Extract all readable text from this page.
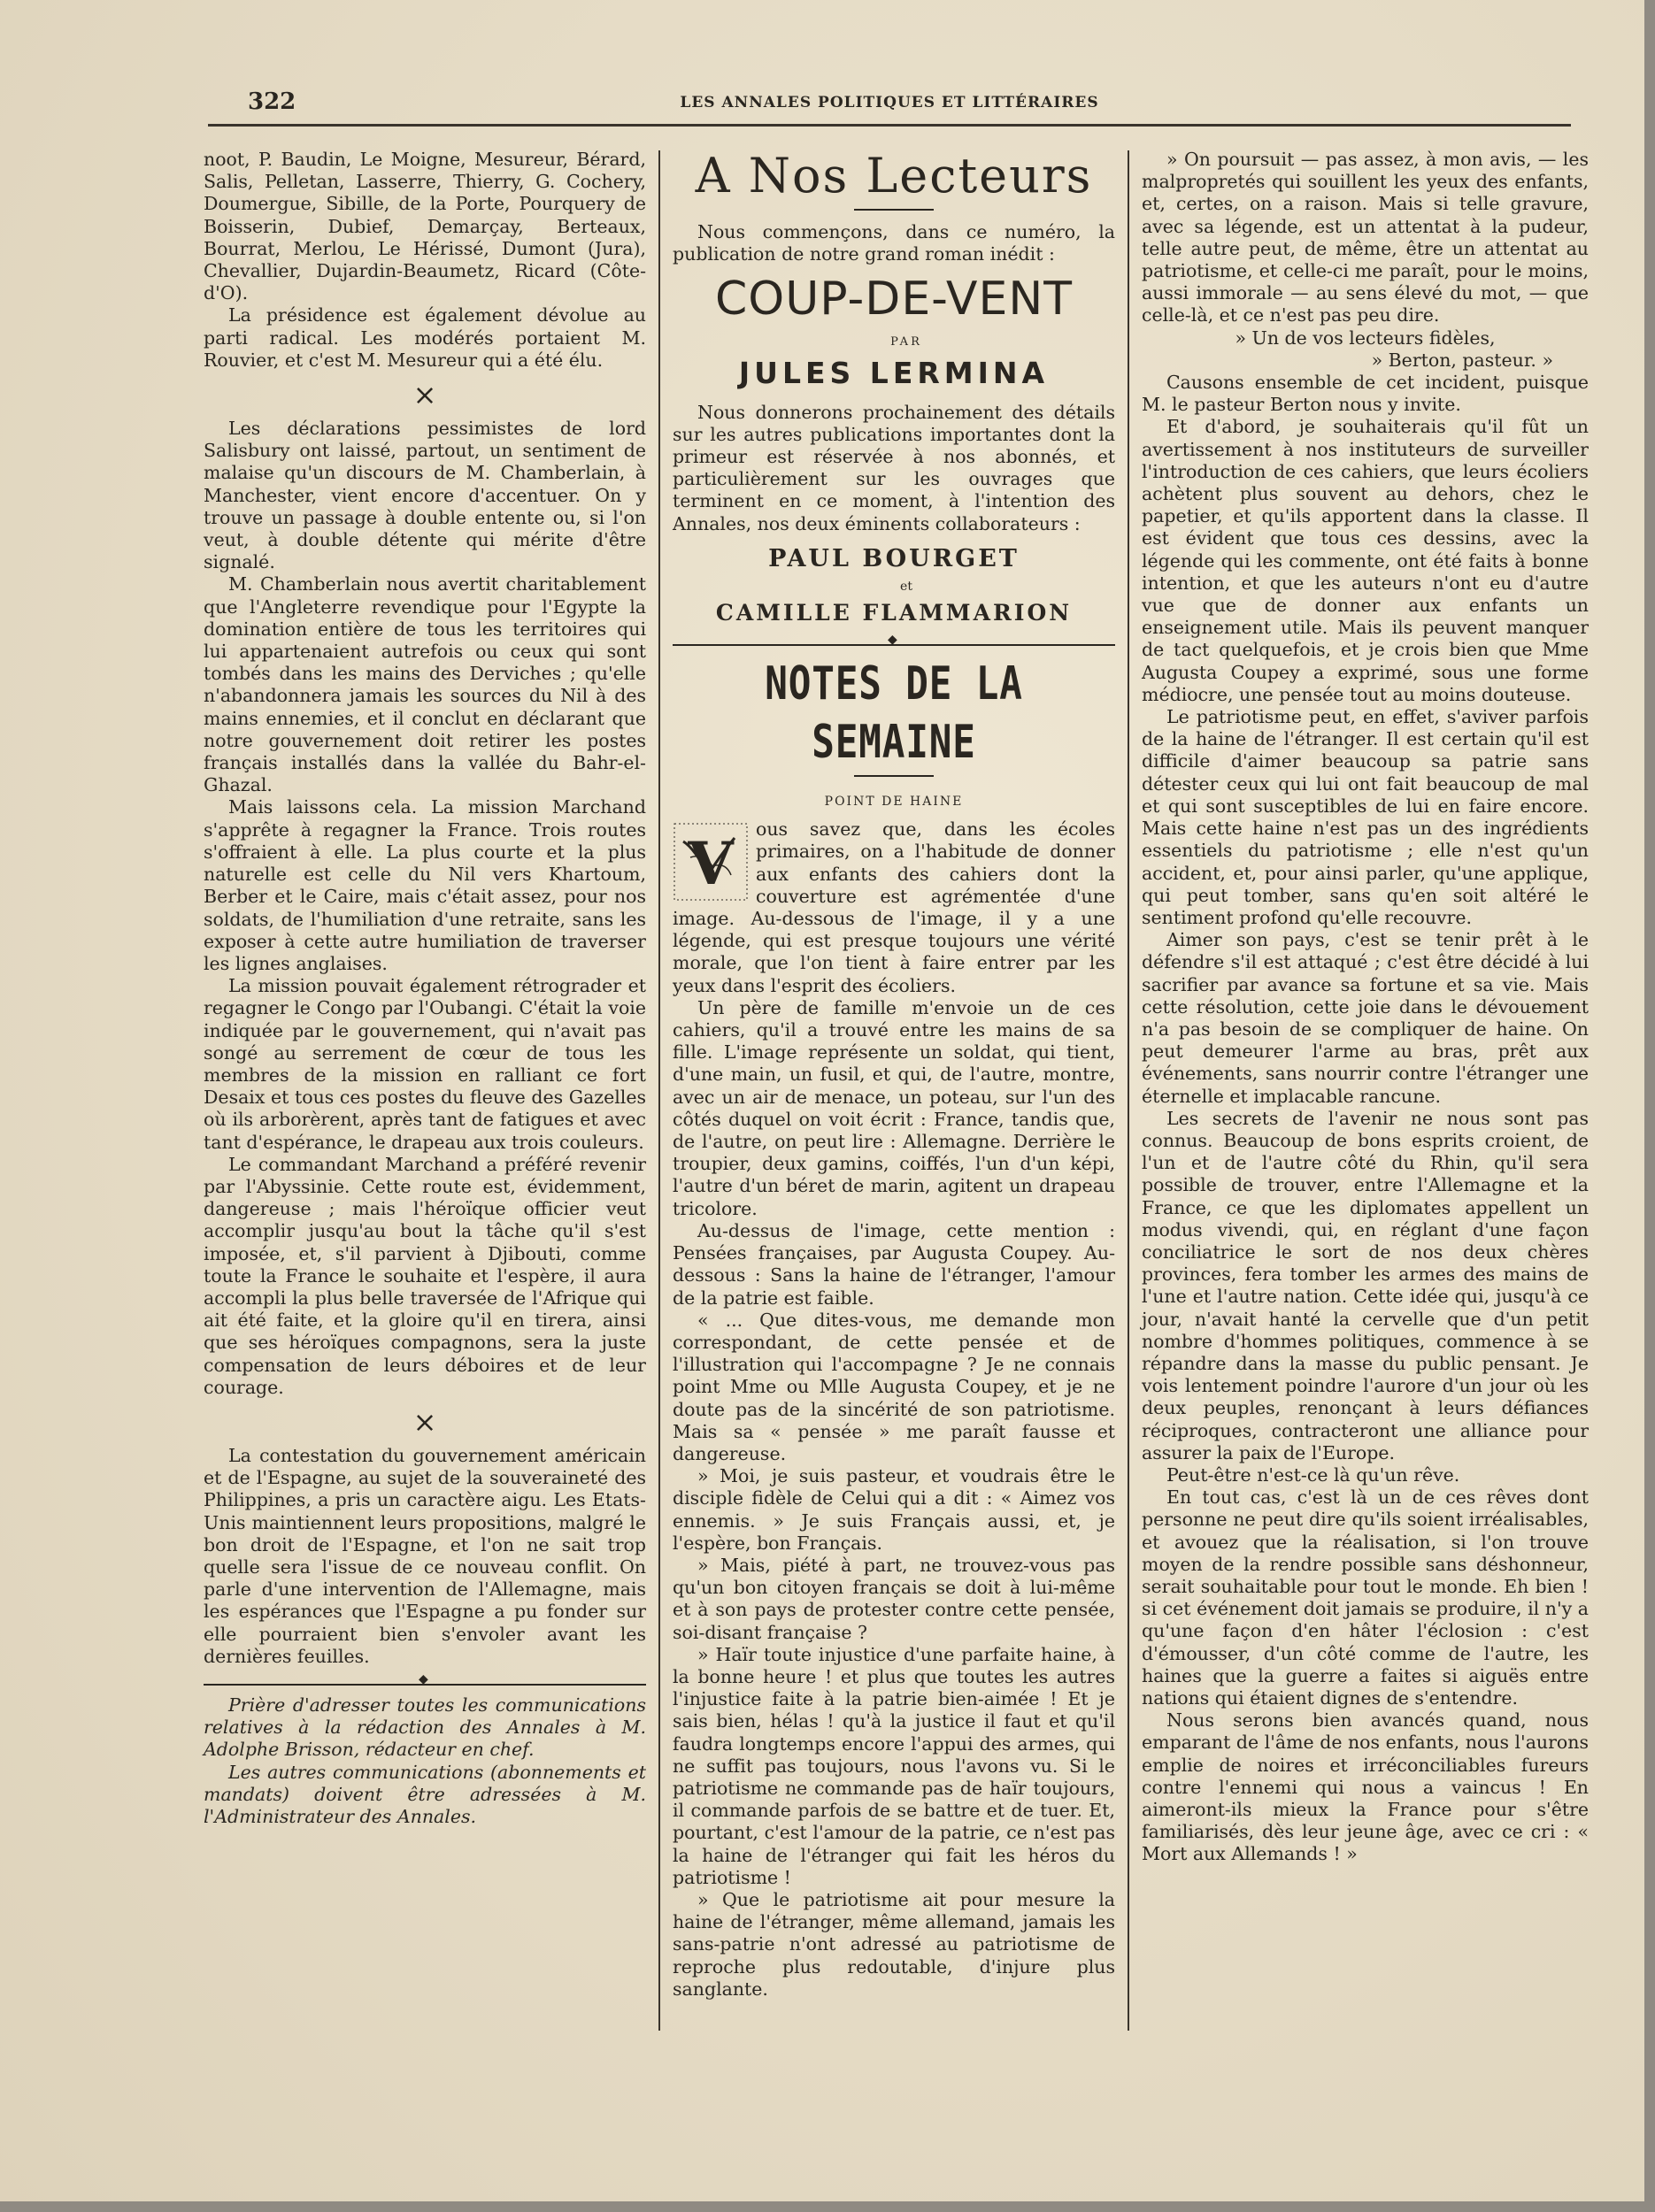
322	LES ANNALES POLITIQUES ET LITTÉRAIRES

noot, P. Baudin, Le Moigne, Mesureur, Bérard, Salis, Pelletan, Lasserre, Thierry, G. Cochery, Doumergue, Sibille, de la Porte, Pourquery de Boisserin, Dubief, Demarçay, Berteaux, Bourrat, Merlou, Le Hérissé, Dumont (Jura), Chevallier, Dujardin-Beaumetz, Ricard (Côte-d'O).

La présidence est également dévolue au parti radical. Les modérés portaient M. Rouvier, et c'est M. Mesureur qui a été élu.

×

Les déclarations pessimistes de lord Salisbury ont laissé, partout, un sentiment de malaise qu'un discours de M. Chamberlain, à Manchester, vient encore d'accentuer. On y trouve un passage à double entente ou, si l'on veut, à double détente qui mérite d'être signalé.

M. Chamberlain nous avertit charitablement que l'Angleterre revendique pour l'Egypte la domination entière de tous les territoires qui lui appartenaient autrefois ou ceux qui sont tombés dans les mains des Derviches ; qu'elle n'abandonnera jamais les sources du Nil à des mains ennemies, et il conclut en déclarant que notre gouvernement doit retirer les postes français installés dans la vallée du Bahr-el-Ghazal.

Mais laissons cela. La mission Marchand s'apprête à regagner la France. Trois routes s'offraient à elle. La plus courte et la plus naturelle est celle du Nil vers Khartoum, Berber et le Caire, mais c'était assez, pour nos soldats, de l'humiliation d'une retraite, sans les exposer à cette autre humiliation de traverser les lignes anglaises.

La mission pouvait également rétrograder et regagner le Congo par l'Oubangi. C'était la voie indiquée par le gouvernement, qui n'avait pas songé au serrement de cœur de tous les membres de la mission en ralliant ce fort Desaix et tous ces postes du fleuve des Gazelles où ils arborèrent, après tant de fatigues et avec tant d'espérance, le drapeau aux trois couleurs.

Le commandant Marchand a préféré revenir par l'Abyssinie. Cette route est, évidemment, dangereuse ; mais l'héroïque officier veut accomplir jusqu'au bout la tâche qu'il s'est imposée, et, s'il parvient à Djibouti, comme toute la France le souhaite et l'espère, il aura accompli la plus belle traversée de l'Afrique qui ait été faite, et la gloire qu'il en tirera, ainsi que ses héroïques compagnons, sera la juste compensation de leurs déboires et de leur courage.

×

La contestation du gouvernement américain et de l'Espagne, au sujet de la souveraineté des Philippines, a pris un caractère aigu. Les Etats-Unis maintiennent leurs propositions, malgré le bon droit de l'Espagne, et l'on ne sait trop quelle sera l'issue de ce nouveau conflit. On parle d'une intervention de l'Allemagne, mais les espérances que l'Espagne a pu fonder sur elle pourraient bien s'envoler avant les dernières feuilles.

◆

Prière d'adresser toutes les communications relatives à la rédaction des Annales à M. Adolphe Brisson, rédacteur en chef.

Les autres communications (abonnements et mandats) doivent être adressées à M. l'Administrateur des Annales.

A Nos Lecteurs

Nous commençons, dans ce numéro, la publication de notre grand roman inédit :

COUP-DE-VENT

PAR

JULES LERMINA

Nous donnerons prochainement des détails sur les autres publications importantes dont la primeur est réservée à nos abonnés, et particulièrement sur les ouvrages que terminent en ce moment, à l'intention des Annales, nos deux éminents collaborateurs :

PAUL BOURGET

et

CAMILLE FLAMMARION
◆
NOTES DE LA SEMAINE
POINT DE HAINE
V	ous savez que, dans les écoles primaires, on a l'habitude de donner aux enfants des cahiers dont la couverture est agrémentée d'une image. Au-dessous de l'image, il y a une légende, qui est presque toujours une vérité morale, que l'on tient à faire entrer par les yeux dans l'esprit des écoliers.

Un père de famille m'envoie un de ces cahiers, qu'il a trouvé entre les mains de sa fille. L'image représente un soldat, qui tient, d'une main, un fusil, et qui, de l'autre, montre, avec un air de menace, un poteau, sur l'un des côtés duquel on voit écrit : France, tandis que, de l'autre, on peut lire : Allemagne. Derrière le troupier, deux gamins, coiffés, l'un d'un képi, l'autre d'un béret de marin, agitent un drapeau tricolore.

Au-dessus de l'image, cette mention : Pensées françaises, par Augusta Coupey. Au-dessous : Sans la haine de l'étranger, l'amour de la patrie est faible.

« ... Que dites-vous, me demande mon correspondant, de cette pensée et de l'illustration qui l'accompagne ? Je ne connais point Mme ou Mlle Augusta Coupey, et je ne doute pas de la sincérité de son patriotisme. Mais sa « pensée » me paraît fausse et dangereuse.

» Moi, je suis pasteur, et voudrais être le disciple fidèle de Celui qui a dit : « Aimez vos ennemis. » Je suis Français aussi, et, je l'espère, bon Français.

» Mais, piété à part, ne trouvez-vous pas qu'un bon citoyen français se doit à lui-même et à son pays de protester contre cette pensée, soi-disant française ?

» Haïr toute injustice d'une parfaite haine, à la bonne heure ! et plus que toutes les autres l'injustice faite à la patrie bien-aimée ! Et je sais bien, hélas ! qu'à la justice il faut et qu'il faudra longtemps encore l'appui des armes, qui ne suffit pas toujours, nous l'avons vu. Si le patriotisme ne commande pas de haïr toujours, il commande parfois de se battre et de tuer. Et, pourtant, c'est l'amour de la patrie, ce n'est pas la haine de l'étranger qui fait les héros du patriotisme !

» Que le patriotisme ait pour mesure la haine de l'étranger, même allemand, jamais les sans-patrie n'ont adressé au patriotisme de reproche plus redoutable, d'injure plus sanglante.

» On poursuit — pas assez, à mon avis, — les malpropretés qui souillent les yeux des enfants, et, certes, on a raison. Mais si telle gravure, avec sa légende, est un attentat à la pudeur, telle autre peut, de même, être un attentat au patriotisme, et celle-ci me paraît, pour le moins, aussi immorale — au sens élevé du mot, — que celle-là, et ce n'est pas peu dire.

» Un de vos lecteurs fidèles,

» Berton, pasteur. »

Causons ensemble de cet incident, puisque M. le pasteur Berton nous y invite.

Et d'abord, je souhaiterais qu'il fût un avertissement à nos instituteurs de surveiller l'introduction de ces cahiers, que leurs écoliers achètent plus souvent au dehors, chez le papetier, et qu'ils apportent dans la classe. Il est évident que tous ces dessins, avec la légende qui les commente, ont été faits à bonne intention, et que les auteurs n'ont eu d'autre vue que de donner aux enfants un enseignement utile. Mais ils peuvent manquer de tact quelquefois, et je crois bien que Mme Augusta Coupey a exprimé, sous une forme médiocre, une pensée tout au moins douteuse.

Le patriotisme peut, en effet, s'aviver parfois de la haine de l'étranger. Il est certain qu'il est difficile d'aimer beaucoup sa patrie sans détester ceux qui lui ont fait beaucoup de mal et qui sont susceptibles de lui en faire encore. Mais cette haine n'est pas un des ingrédients essentiels du patriotisme ; elle n'est qu'un accident, et, pour ainsi parler, qu'une applique, qui peut tomber, sans qu'en soit altéré le sentiment profond qu'elle recouvre.

Aimer son pays, c'est se tenir prêt à le défendre s'il est attaqué ; c'est être décidé à lui sacrifier par avance sa fortune et sa vie. Mais cette résolution, cette joie dans le dévouement n'a pas besoin de se compliquer de haine. On peut demeurer l'arme au bras, prêt aux événements, sans nourrir contre l'étranger une éternelle et implacable rancune.

Les secrets de l'avenir ne nous sont pas connus. Beaucoup de bons esprits croient, de l'un et de l'autre côté du Rhin, qu'il sera possible de trouver, entre l'Allemagne et la France, ce que les diplomates appellent un modus vivendi, qui, en réglant d'une façon conciliatrice le sort de nos deux chères provinces, fera tomber les armes des mains de l'une et l'autre nation. Cette idée qui, jusqu'à ce jour, n'avait hanté la cervelle que d'un petit nombre d'hommes politiques, commence à se répandre dans la masse du public pensant. Je vois lentement poindre l'aurore d'un jour où les deux peuples, renonçant à leurs défiances réciproques, contracteront une alliance pour assurer la paix de l'Europe.

Peut-être n'est-ce là qu'un rêve.

En tout cas, c'est là un de ces rêves dont personne ne peut dire qu'ils soient irréalisables, et avouez que la réalisation, si l'on trouve moyen de la rendre possible sans déshonneur, serait souhaitable pour tout le monde. Eh bien ! si cet événement doit jamais se produire, il n'y a qu'une façon d'en hâter l'éclosion : c'est d'émousser, d'un côté comme de l'autre, les haines que la guerre a faites si aiguës entre nations qui étaient dignes de s'entendre.

Nous serons bien avancés quand, nous emparant de l'âme de nos enfants, nous l'aurons emplie de noires et irréconciliables fureurs contre l'ennemi qui nous a vaincus ! En aimeront-ils mieux la France pour s'être familiarisés, dès leur jeune âge, avec ce cri : « Mort aux Allemands ! »
